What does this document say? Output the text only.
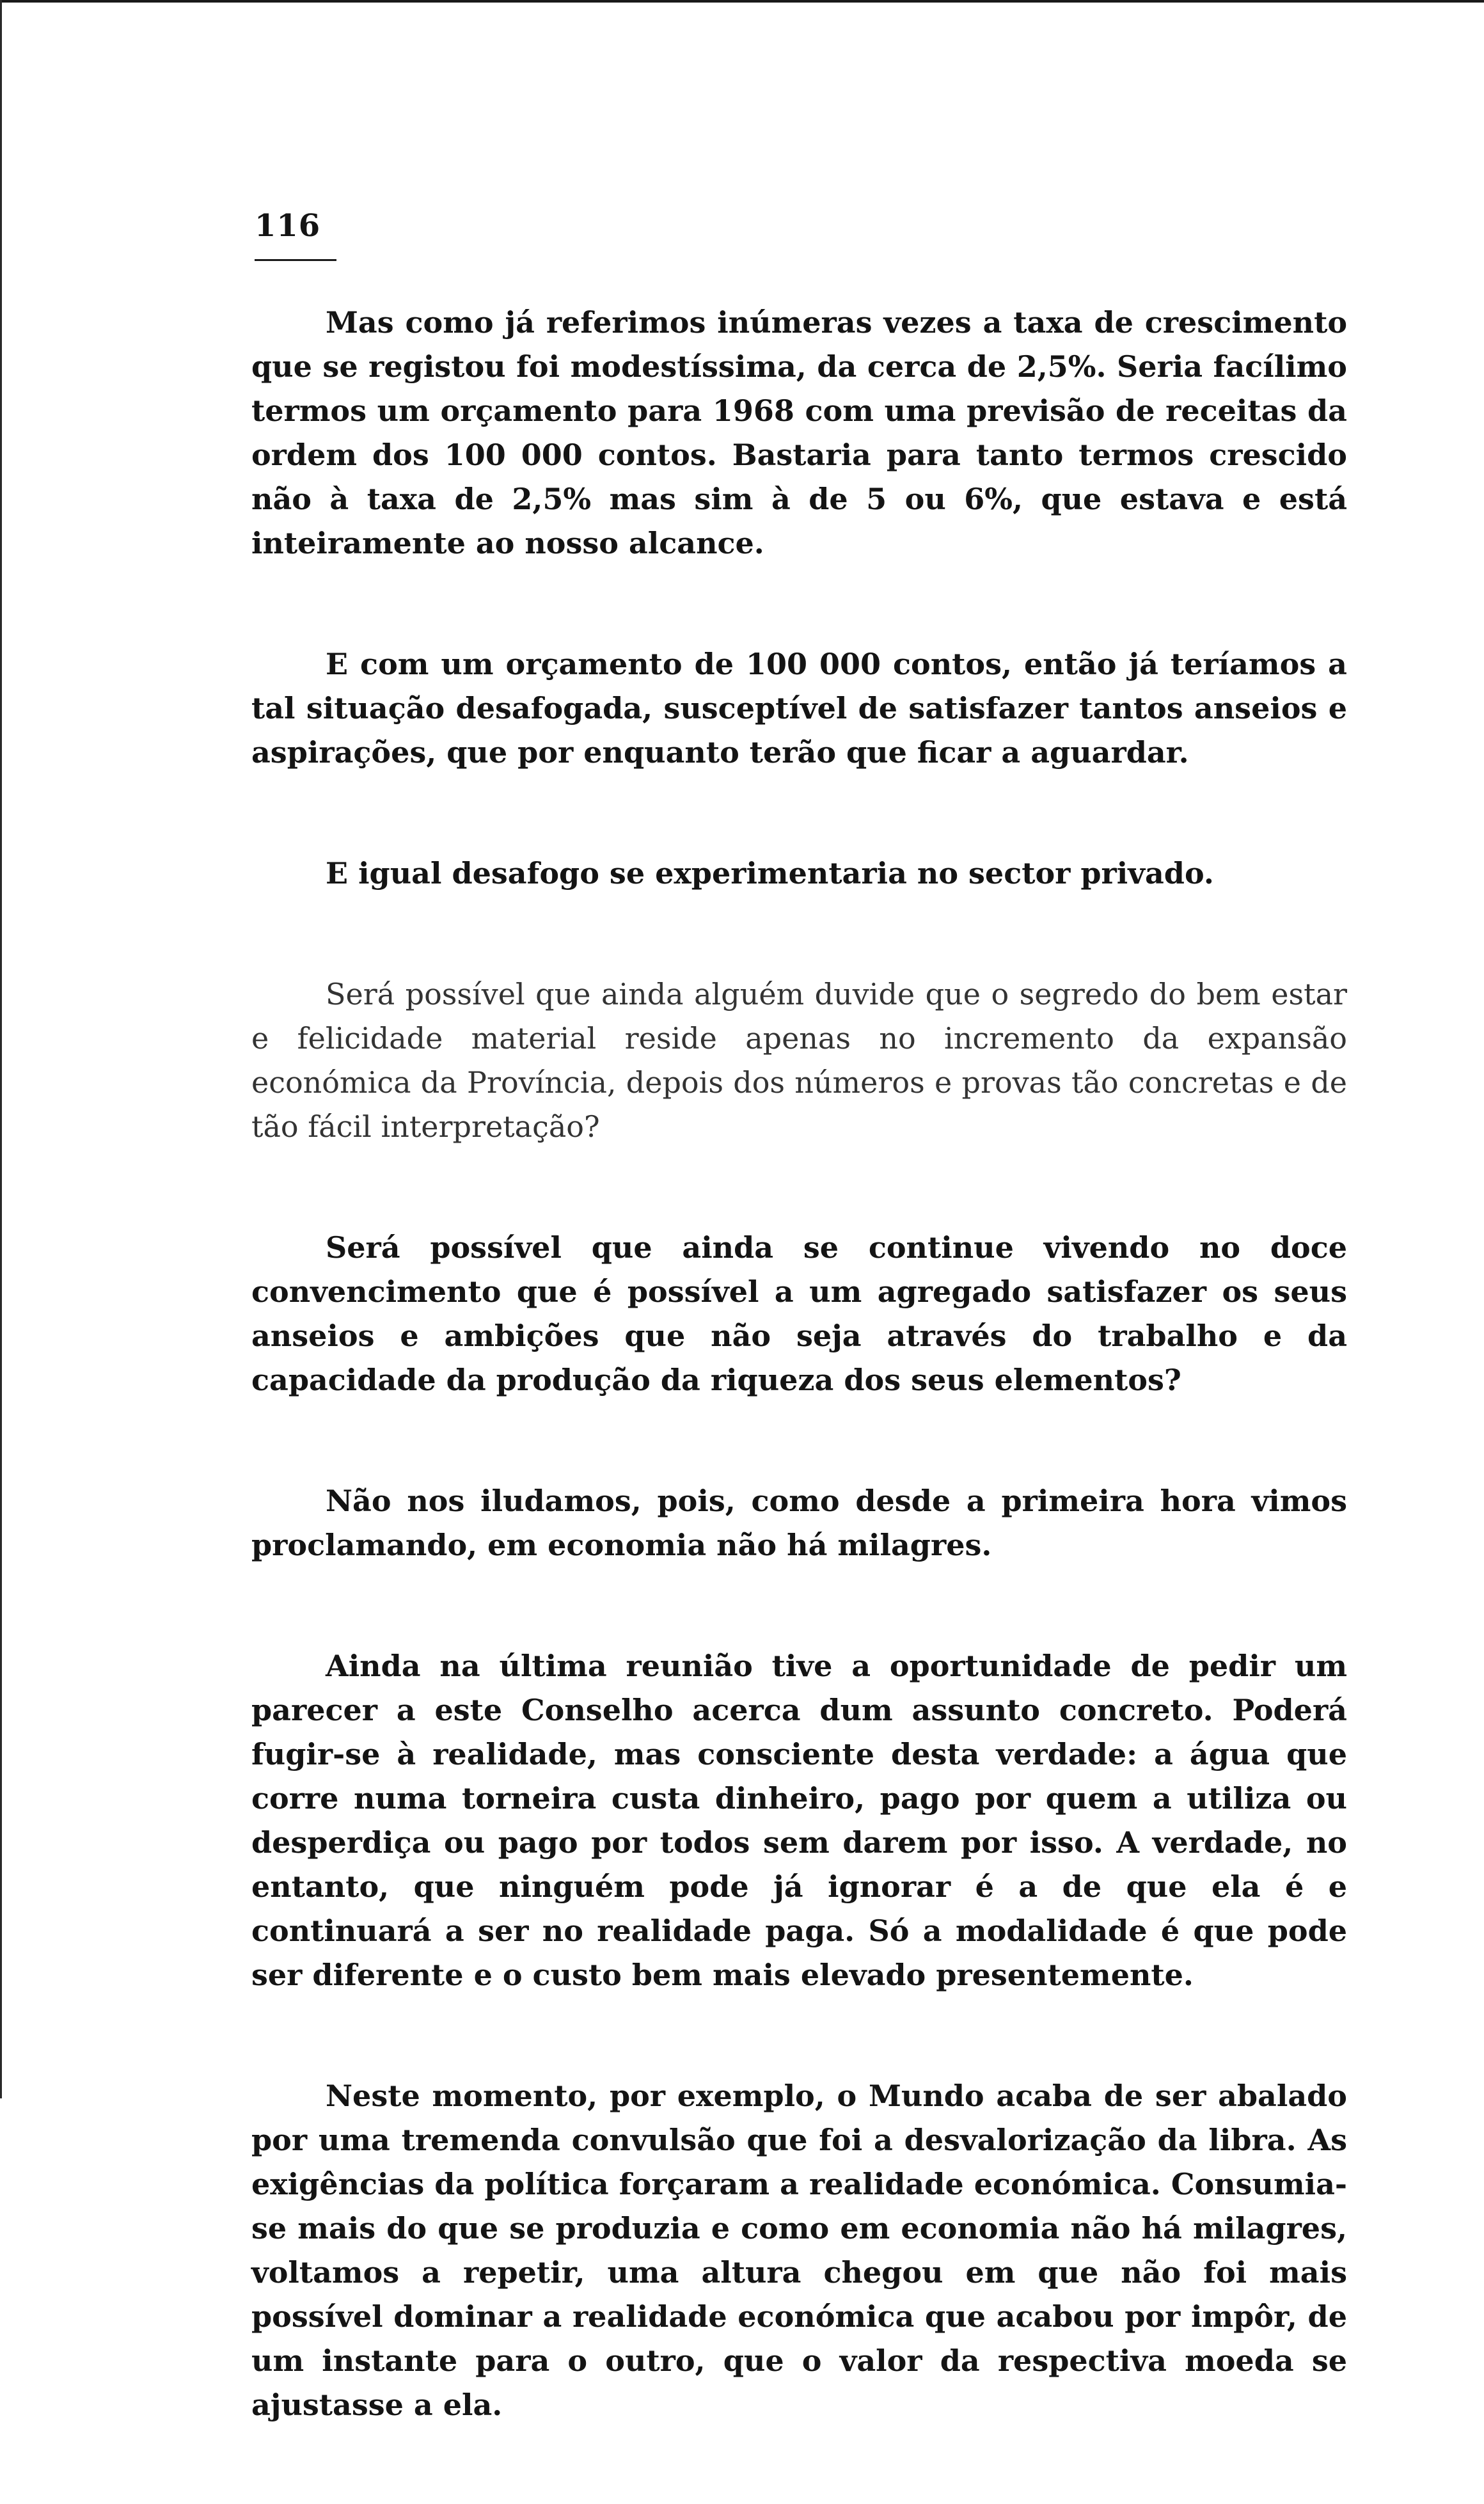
116

Mas como já referimos inúmeras vezes a taxa de crescimento que se registou foi modestíssima, da cerca de 2,5%. Seria facílimo termos um orçamento para 1968 com uma previsão de receitas da ordem dos 100 000 contos. Bastaria para tanto termos crescido não à taxa de 2,5% mas sim à de 5 ou 6%, que estava e está inteiramente ao nosso alcance.

E com um orçamento de 100 000 contos, então já teríamos a tal situação desafogada, susceptível de satisfazer tantos anseios e aspirações, que por enquanto terão que ficar a aguardar.

E igual desafogo se experimentaria no sector privado.

Será possível que ainda alguém duvide que o segredo do bem estar e felicidade material reside apenas no incremento da expansão económica da Província, depois dos números e provas tão concretas e de tão fácil interpretação?

Será possível que ainda se continue vivendo no doce convencimento que é possível a um agregado satisfazer os seus anseios e ambições que não seja através do trabalho e da capacidade da produção da riqueza dos seus elementos?

Não nos iludamos, pois, como desde a primeira hora vimos proclamando, em economia não há milagres.

Ainda na última reunião tive a oportunidade de pedir um parecer a este Conselho acerca dum assunto concreto. Poderá fugir-se à realidade, mas consciente desta verdade: a água que corre numa torneira custa dinheiro, pago por quem a utiliza ou desperdiça ou pago por todos sem darem por isso. A verdade, no entanto, que ninguém pode já ignorar é a de que ela é e continuará a ser no realidade paga. Só a modalidade é que pode ser diferente e o custo bem mais elevado presentemente.

Neste momento, por exemplo, o Mundo acaba de ser abalado por uma tremenda convulsão que foi a desvalorização da libra. As exigências da política forçaram a realidade económica. Consumia-se mais do que se produzia e como em economia não há milagres, voltamos a repetir, uma altura chegou em que não foi mais possível dominar a realidade económica que acabou por impôr, de um instante para o outro, que o valor da respectiva moeda se ajustasse a ela.
